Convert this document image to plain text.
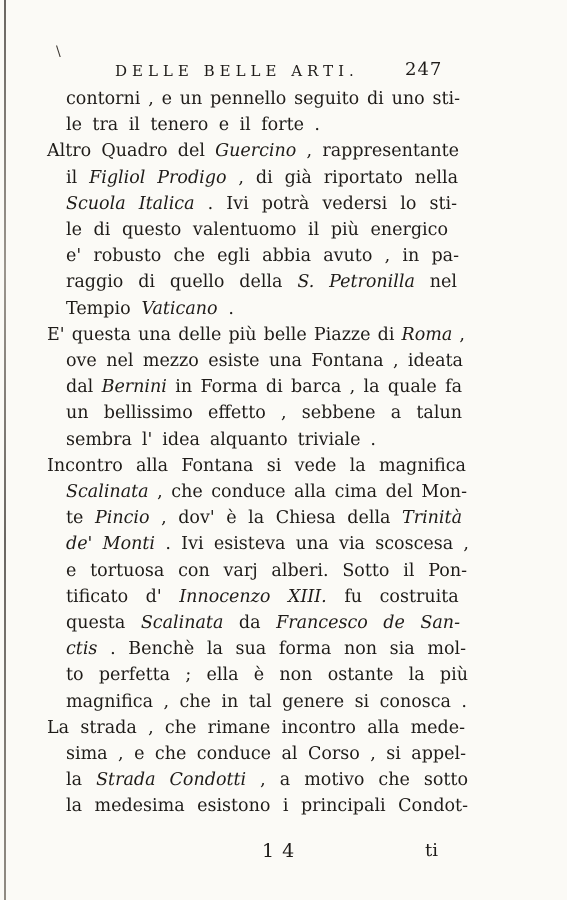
\
DELLE BELLE ARTI.	247
contorni , e un pennello seguito di uno sti-
le tra il tenero e il forte .
Altro Quadro del Guercino , rappresentante
il Figliol Prodigo , di già riportato nella
Scuola Italica . Ivi potrà vedersi lo sti-
le di questo valentuomo il più energico
e' robusto che egli abbia avuto , in pa-
raggio di quello della S. Petronilla nel
Tempio Vaticano .
E' questa una delle più belle Piazze di Roma ,
ove nel mezzo esiste una Fontana , ideata
dal Bernini in Forma di barca , la quale fa
un bellissimo effetto , sebbene a talun
sembra l' idea alquanto triviale .
Incontro alla Fontana si vede la magnifica
Scalinata , che conduce alla cima del Mon-
te Pincio , dov' è la Chiesa della Trinità
de' Monti . Ivi esisteva una via scoscesa ,
e tortuosa con varj alberi. Sotto il Pon-
tificato d' Innocenzo XIII. fu costruita
questa Scalinata da Francesco de San-
ctis . Benchè la sua forma non sia mol-
to perfetta ; ella è non ostante la più
magnifica , che in tal genere si conosca .
La strada , che rimane incontro alla mede-
sima , e che conduce al Corso , si appel-
la Strada Condotti , a motivo che sotto
la medesima esistono i principali Condot-
14	ti
